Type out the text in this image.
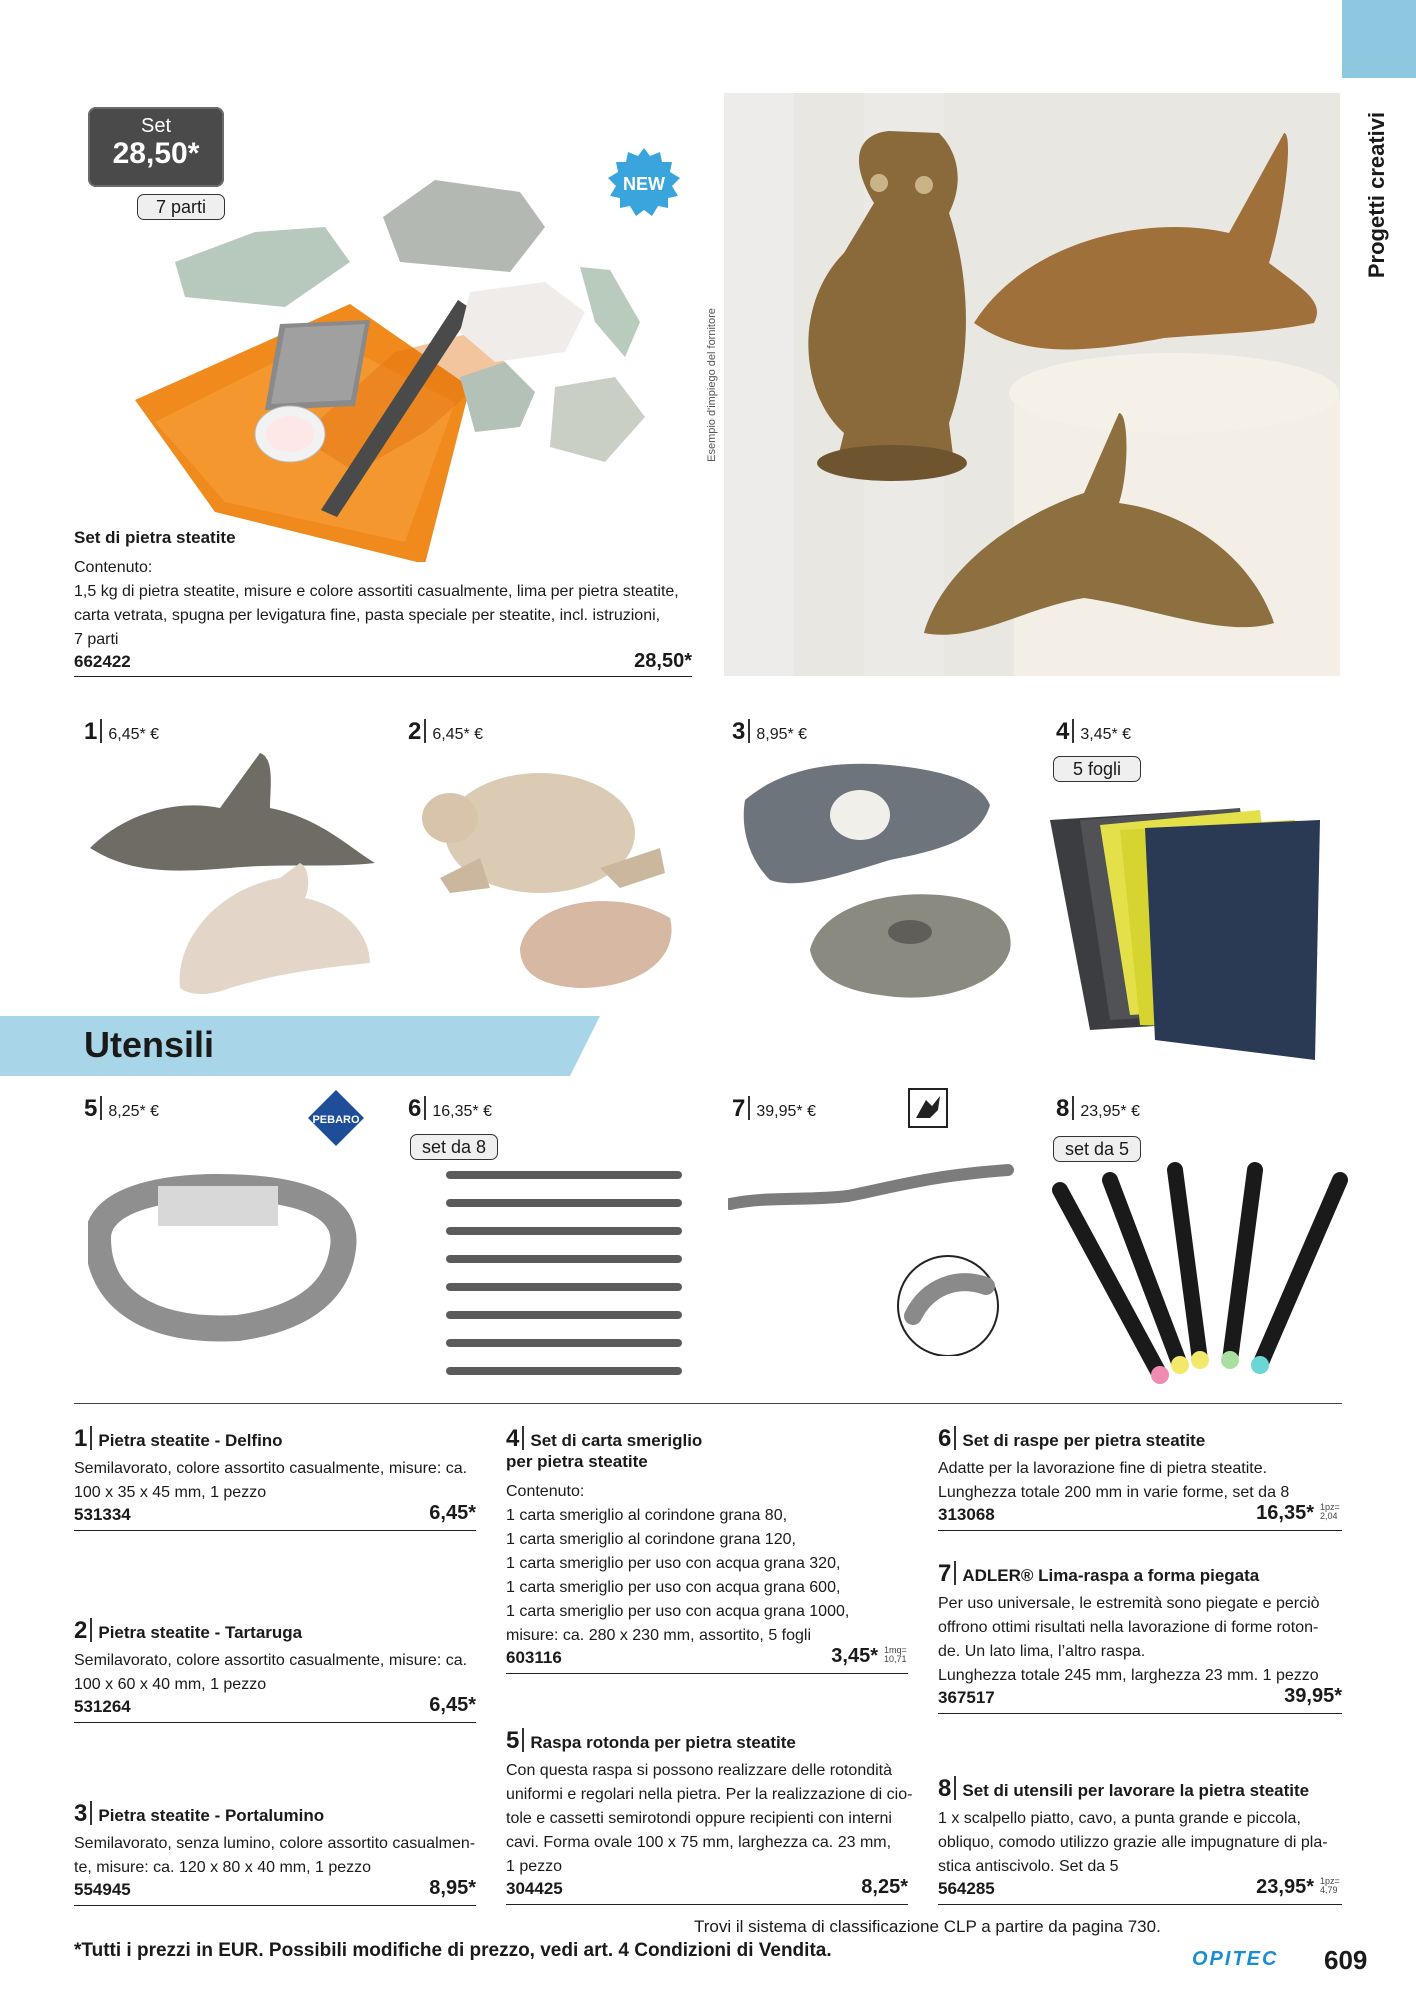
Progetti creativi
Set
28,50*
7 parti
NEW
Esempio d'impiego del fornitore
Set di pietra steatite
Contenuto:
1,5 kg di pietra steatite, misure e colore assortiti casualmente, lima per pietra steatite,
carta vetrata, spugna per levigatura fine, pasta speciale per steatite, incl. istruzioni,
7 parti
662422	28,50*
1 6,45* €	2 6,45* €	3 8,95* €	4 3,45* €
5 fogli
Utensili
5 8,25* €	PEBARO 6 16,35* €
set da 8
7 39,95* €	8 23,95* €
set da 5
1 Pietra steatite - Delfino
Semilavorato, colore assortito casualmente, misure: ca.
100 x 35 x 45 mm, 1 pezzo
531334	6,45*
2 Pietra steatite - Tartaruga
Semilavorato, colore assortito casualmente, misure: ca.
100 x 60 x 40 mm, 1 pezzo
531264	6,45*
3 Pietra steatite - Portalumino
Semilavorato, senza lumino, colore assortito casualmen-
te, misure: ca. 120 x 80 x 40 mm, 1 pezzo
554945	8,95*
4 Set di carta smeriglio
per pietra steatite
Contenuto:
1 carta smeriglio al corindone grana 80,
1 carta smeriglio al corindone grana 120,
1 carta smeriglio per uso con acqua grana 320,
1 carta smeriglio per uso con acqua grana 600,
1 carta smeriglio per uso con acqua grana 1000,
misure: ca. 280 x 230 mm, assortito, 5 fogli
603116	3,45* 1mq=
10,71
5 Raspa rotonda per pietra steatite
Con questa raspa si possono realizzare delle rotondità
uniformi e regolari nella pietra. Per la realizzazione di cio-
tole e cassetti semirotondi oppure recipienti con interni
cavi. Forma ovale 100 x 75 mm, larghezza ca. 23 mm,
1 pezzo
304425	8,25*
6 Set di raspe per pietra steatite
Adatte per la lavorazione fine di pietra steatite.
Lunghezza totale 200 mm in varie forme, set da 8
313068	16,35* 1pz=
2,04
7 ADLER® Lima-raspa a forma piegata
Per uso universale, le estremità sono piegate e perciò
offrono ottimi risultati nella lavorazione di forme roton-
de. Un lato lima, l’altro raspa.
Lunghezza totale 245 mm, larghezza 23 mm. 1 pezzo
367517	39,95*
8 Set di utensili per lavorare la pietra steatite
1 x scalpello piatto, cavo, a punta grande e piccola,
obliquo, comodo utilizzo grazie alle impugnature di pla-
stica antiscivolo. Set da 5
564285	23,95* 1pz=
4,79
Trovi il sistema di classificazione CLP a partire da pagina 730.
*Tutti i prezzi in EUR. Possibili modifiche di prezzo, vedi art. 4 Condizioni di Vendita.	OPITEC 609
